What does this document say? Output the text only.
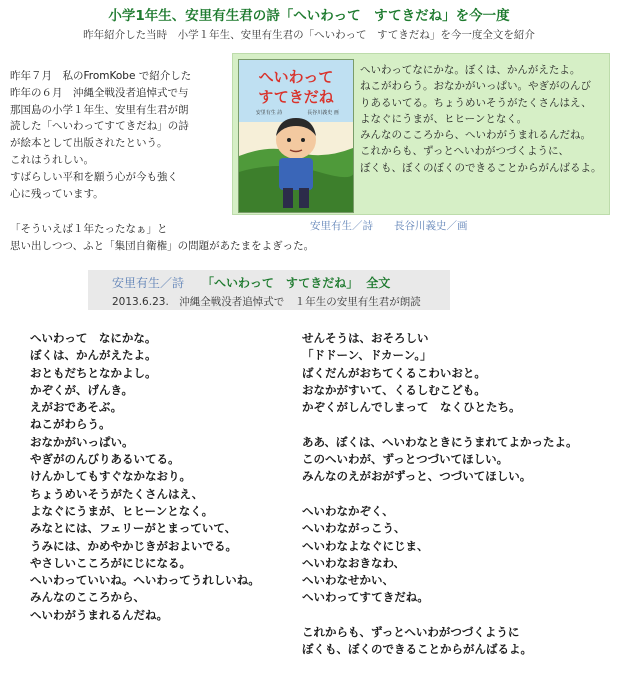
小学1年生、安里有生君の詩「へいわって　すてきだね」を今一度
昨年紹介した当時　小学１年生、安里有生君の「へいわって　すてきだね」を今一度全文を紹介
昨年７月　私のFromKobe で紹介した
昨年の６月　沖縄全戦没者追悼式で与
那国島の小学１年生、安里有生君が朗
読した「へいわってすてきだね」の詩
が絵本として出版されたという。
これはうれしい。
すばらしい平和を願う心が今も強く
心に残っています。
へいわって
すてきだね
安里有生 詩	長谷川義史 画
へいわってなにかな。ぼくは、かんがえたよ。
ねこがわらう。おなかがいっぱい。やぎがのんび
りあるいてる。ちょうめいそうがたくさんはえ、
よなぐにうまが、ヒヒーンとなく。
みんなのこころから、へいわがうまれるんだね。
これからも、ずっとへいわがつづくように、
ぼくも、ぼくのぼくのできることからがんばるよ。
安里有生／詩　　長谷川義史／画
「そういえば１年たったなぁ」と
思い出しつつ、ふと「集団自衛権」の問題があたまをよぎった。
安里有生／詩 「へいわって　すてきだね」 全文
2013.6.23.　沖縄全戦没者追悼式で　１年生の安里有生君が朗読
へいわって　なにかな。
ぼくは、かんがえたよ。
おともだちとなかよし。
かぞくが、げんき。
えがおであそぶ。
ねこがわらう。
おなかがいっぱい。
やぎがのんびりあるいてる。
けんかしてもすぐなかなおり。
ちょうめいそうがたくさんはえ、
よなぐにうまが、ヒヒーンとなく。
みなとには、フェリーがとまっていて、
うみには、かめやかじきがおよいでる。
やさしいこころがにじになる。
へいわっていいね。へいわってうれしいね。
みんなのこころから、
へいわがうまれるんだね。
せんそうは、おそろしい
「ドドーン、ドカーン。」
ばくだんがおちてくるこわいおと。
おなかがすいて、くるしむこども。
かぞくがしんでしまって　なくひとたち。
ああ、ぼくは、へいわなときにうまれてよかったよ。
このへいわが、ずっとつづいてほしい。
みんなのえがおがずっと、つづいてほしい。
へいわなかぞく、
へいわながっこう、
へいわなよなぐにじま、
へいわなおきなわ、
へいわなせかい、
へいわってすてきだね。
これからも、ずっとへいわがつづくように
ぼくも、ぼくのできることからがんばるよ。
